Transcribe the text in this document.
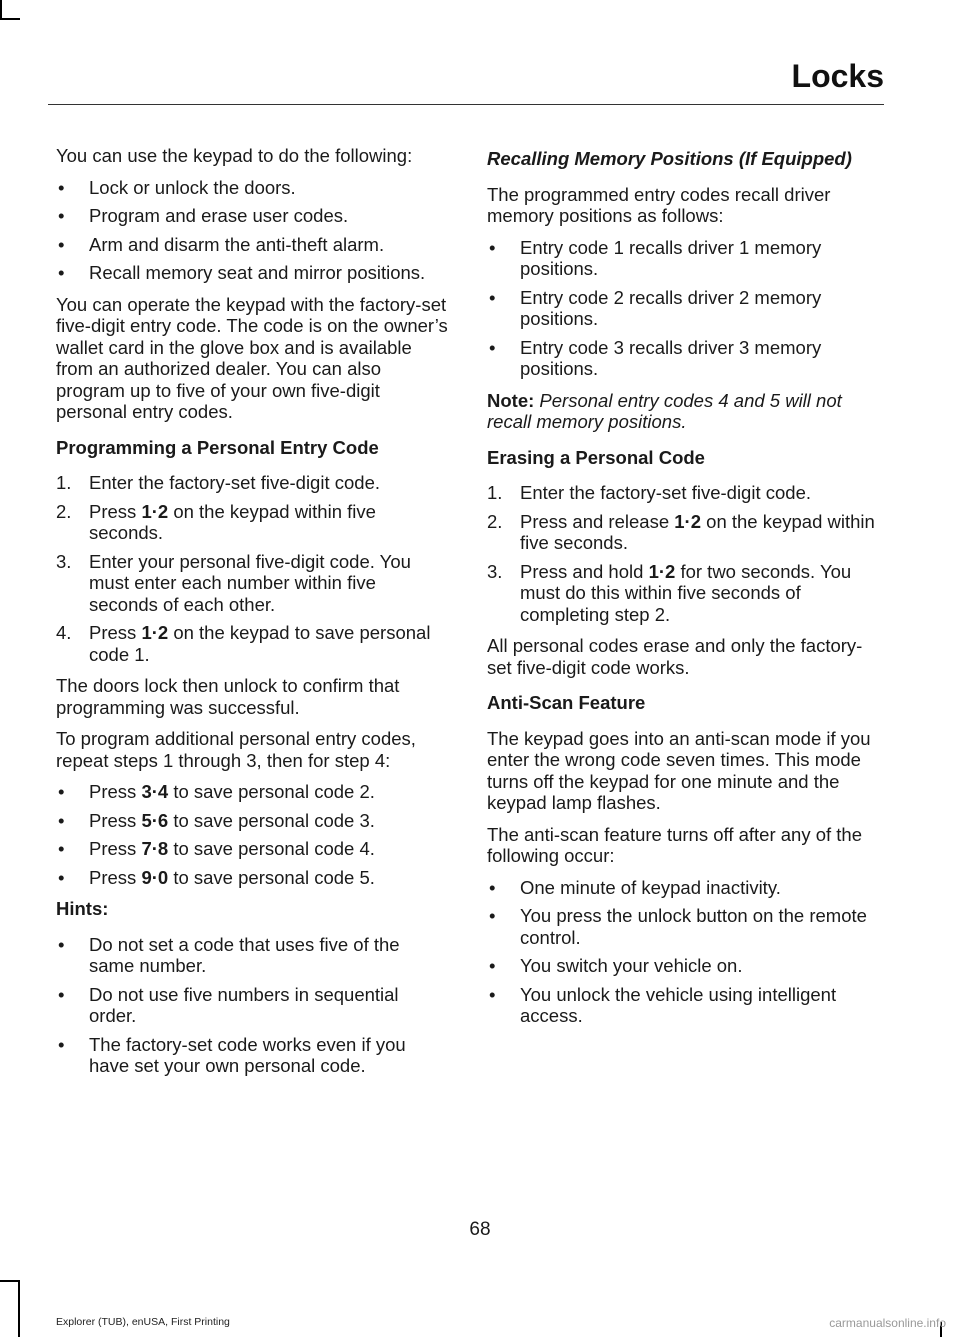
Locks

You can use the keypad to do the following:

• Lock or unlock the doors.
• Program and erase user codes.
• Arm and disarm the anti-theft alarm.
• Recall memory seat and mirror positions.

You can operate the keypad with the factory-set five-digit entry code. The code is on the owner’s wallet card in the glove box and is available from an authorized dealer. You can also program up to five of your own five-digit personal entry codes.

Programming a Personal Entry Code
1. Enter the factory-set five-digit code.
2. Press 1·2 on the keypad within five seconds.
3. Enter your personal five-digit code. You must enter each number within five seconds of each other.
4. Press 1·2 on the keypad to save personal code 1.

The doors lock then unlock to confirm that programming was successful.

To program additional personal entry codes, repeat steps 1 through 3, then for step 4:

• Press 3·4 to save personal code 2.
• Press 5·6 to save personal code 3.
• Press 7·8 to save personal code 4.
• Press 9·0 to save personal code 5.
Hints:
• Do not set a code that uses five of the same number.
• Do not use five numbers in sequential order.
• The factory-set code works even if you have set your own personal code.
Recalling Memory Positions (If Equipped)

The programmed entry codes recall driver memory positions as follows:

• Entry code 1 recalls driver 1 memory positions.
• Entry code 2 recalls driver 2 memory positions.
• Entry code 3 recalls driver 3 memory positions.

Note: Personal entry codes 4 and 5 will not recall memory positions.

Erasing a Personal Code
1. Enter the factory-set five-digit code.
2. Press and release 1·2 on the keypad within five seconds.
3. Press and hold 1·2 for two seconds. You must do this within five seconds of completing step 2.

All personal codes erase and only the factory-set five-digit code works.

Anti-Scan Feature

The keypad goes into an anti-scan mode if you enter the wrong code seven times. This mode turns off the keypad for one minute and the keypad lamp flashes.

The anti-scan feature turns off after any of the following occur:

• One minute of keypad inactivity.
• You press the unlock button on the remote control.
• You switch your vehicle on.
• You unlock the vehicle using intelligent access.
68
Explorer (TUB), enUSA, First Printing	carmanualsonline.info
